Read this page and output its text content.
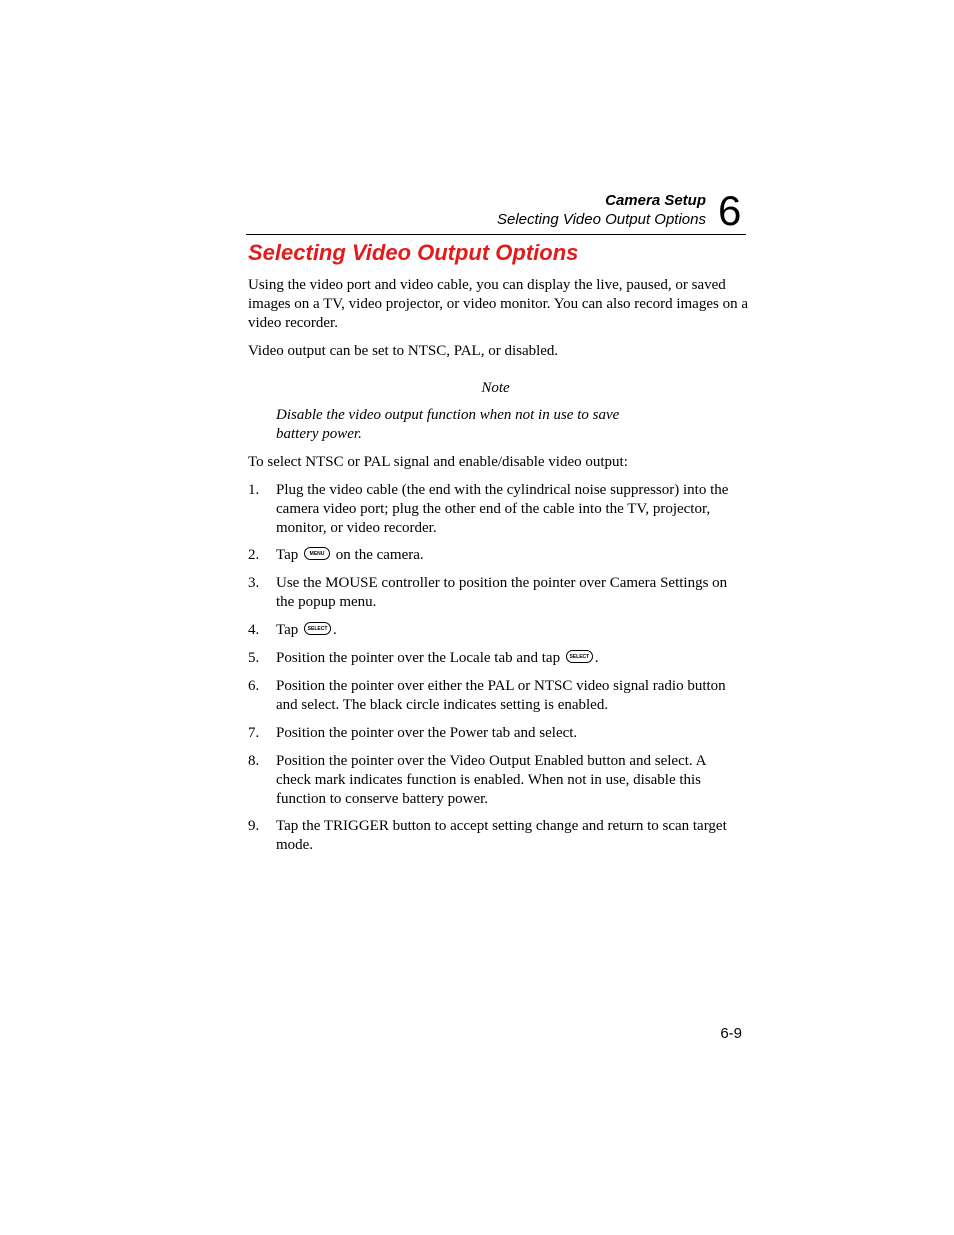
Camera Setup
Selecting Video Output Options 6
Selecting Video Output Options

Using the video port and video cable, you can display the live, paused, or saved images on a TV, video projector, or video monitor. You can also record images on a video recorder.

Video output can be set to NTSC, PAL, or disabled.

Note

Disable the video output function when not in use to save battery power.

To select NTSC or PAL signal and enable/disable video output:

1. Plug the video cable (the end with the cylindrical noise suppressor) into the camera video port; plug the other end of the cable into the TV, projector, monitor, or video recorder.
2. Tap MENU on the camera.
3. Use the MOUSE controller to position the pointer over Camera Settings on the popup menu.
4. Tap SELECT .
5. Position the pointer over the Locale tab and tap SELECT .
6. Position the pointer over either the PAL or NTSC video signal radio button and select. The black circle indicates setting is enabled.
7. Position the pointer over the Power tab and select.
8. Position the pointer over the Video Output Enabled button and select. A check mark indicates function is enabled. When not in use, disable this function to conserve battery power.
9. Tap the TRIGGER button to accept setting change and return to scan target mode.
6-9
